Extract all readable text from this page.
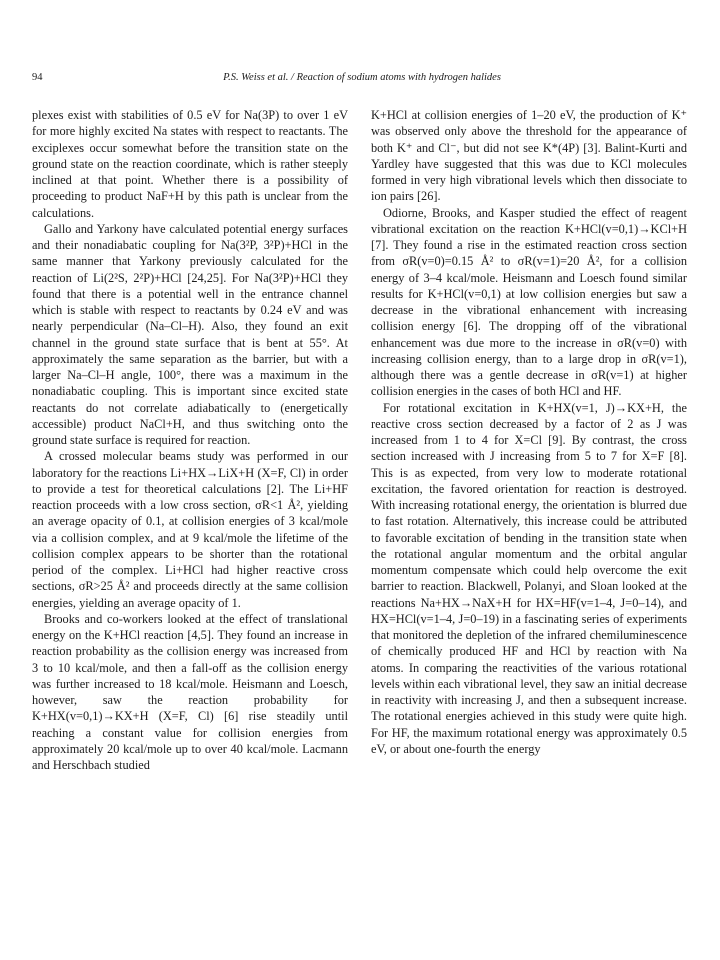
94	P.S. Weiss et al. / Reaction of sodium atoms with hydrogen halides

plexes exist with stabilities of 0.5 eV for Na(3P) to over 1 eV for more highly excited Na states with respect to reactants. The exciplexes occur somewhat before the transition state on the ground state on the reaction coordinate, which is rather steeply inclined at that point. Whether there is a possibility of proceeding to product NaF+H by this path is unclear from the calculations.

Gallo and Yarkony have calculated potential energy surfaces and their nonadiabatic coupling for Na(3²P, 3²P)+HCl in the same manner that Yarkony previously calculated for the reaction of Li(2²S, 2²P)+HCl [24,25]. For Na(3²P)+HCl they found that there is a potential well in the entrance channel which is stable with respect to reactants by 0.24 eV and was nearly perpendicular (Na–Cl–H). Also, they found an exit channel in the ground state surface that is bent at 55°. At approximately the same separation as the barrier, but with a larger Na–Cl–H angle, 100°, there was a maximum in the nonadiabatic coupling. This is important since excited state reactants do not correlate adiabatically to (energetically accessible) product NaCl+H, and thus switching onto the ground state surface is required for reaction.

A crossed molecular beams study was performed in our laboratory for the reactions Li+HX→LiX+H (X=F, Cl) in order to provide a test for theoretical calculations [2]. The Li+HF reaction proceeds with a low cross section, σR<1 Å², yielding an average opacity of 0.1, at collision energies of 3 kcal/mole via a collision complex, and at 9 kcal/mole the lifetime of the collision complex appears to be shorter than the rotational period of the complex. Li+HCl had higher reactive cross sections, σR>25 Å² and proceeds directly at the same collision energies, yielding an average opacity of 1.

Brooks and co-workers looked at the effect of translational energy on the K+HCl reaction [4,5]. They found an increase in reaction probability as the collision energy was increased from 3 to 10 kcal/mole, and then a fall-off as the collision energy was further increased to 18 kcal/mole. Heismann and Loesch, however, saw the reaction probability for K+HX(v=0,1)→KX+H (X=F, Cl) [6] rise steadily until reaching a constant value for collision energies from approximately 20 kcal/mole up to over 40 kcal/mole. Lacmann and Herschbach studied

K+HCl at collision energies of 1–20 eV, the production of K⁺ was observed only above the threshold for the appearance of both K⁺ and Cl⁻, but did not see K*(4P) [3]. Balint-Kurti and Yardley have suggested that this was due to KCl molecules formed in very high vibrational levels which then dissociate to ion pairs [26].

Odiorne, Brooks, and Kasper studied the effect of reagent vibrational excitation on the reaction K+HCl(v=0,1)→KCl+H [7]. They found a rise in the estimated reaction cross section from σR(v=0)=0.15 Å² to σR(v=1)=20 Å², for a collision energy of 3–4 kcal/mole. Heismann and Loesch found similar results for K+HCl(v=0,1) at low collision energies but saw a decrease in the vibrational enhancement with increasing collision energy [6]. The dropping off of the vibrational enhancement was due more to the increase in σR(v=0) with increasing collision energy, than to a large drop in σR(v=1), although there was a gentle decrease in σR(v=1) at higher collision energies in the cases of both HCl and HF.

For rotational excitation in K+HX(v=1, J)→KX+H, the reactive cross section decreased by a factor of 2 as J was increased from 1 to 4 for X=Cl [9]. By contrast, the cross section increased with J increasing from 5 to 7 for X=F [8]. This is as expected, from very low to moderate rotational excitation, the favored orientation for reaction is destroyed. With increasing rotational energy, the orientation is blurred due to fast rotation. Alternatively, this increase could be attributed to favorable excitation of bending in the transition state when the rotational angular momentum and the orbital angular momentum compensate which could help overcome the exit barrier to reaction. Blackwell, Polanyi, and Sloan looked at the reactions Na+HX→NaX+H for HX=HF(v=1–4, J=0–14), and HX=HCl(v=1–4, J=0–19) in a fascinating series of experiments that monitored the depletion of the infrared chemiluminescence of chemically produced HF and HCl by reaction with Na atoms. In comparing the reactivities of the various rotational levels within each vibrational level, they saw an initial decrease in reactivity with increasing J, and then a subsequent increase. The rotational energies achieved in this study were quite high. For HF, the maximum rotational energy was approximately 0.5 eV, or about one-fourth the energy
